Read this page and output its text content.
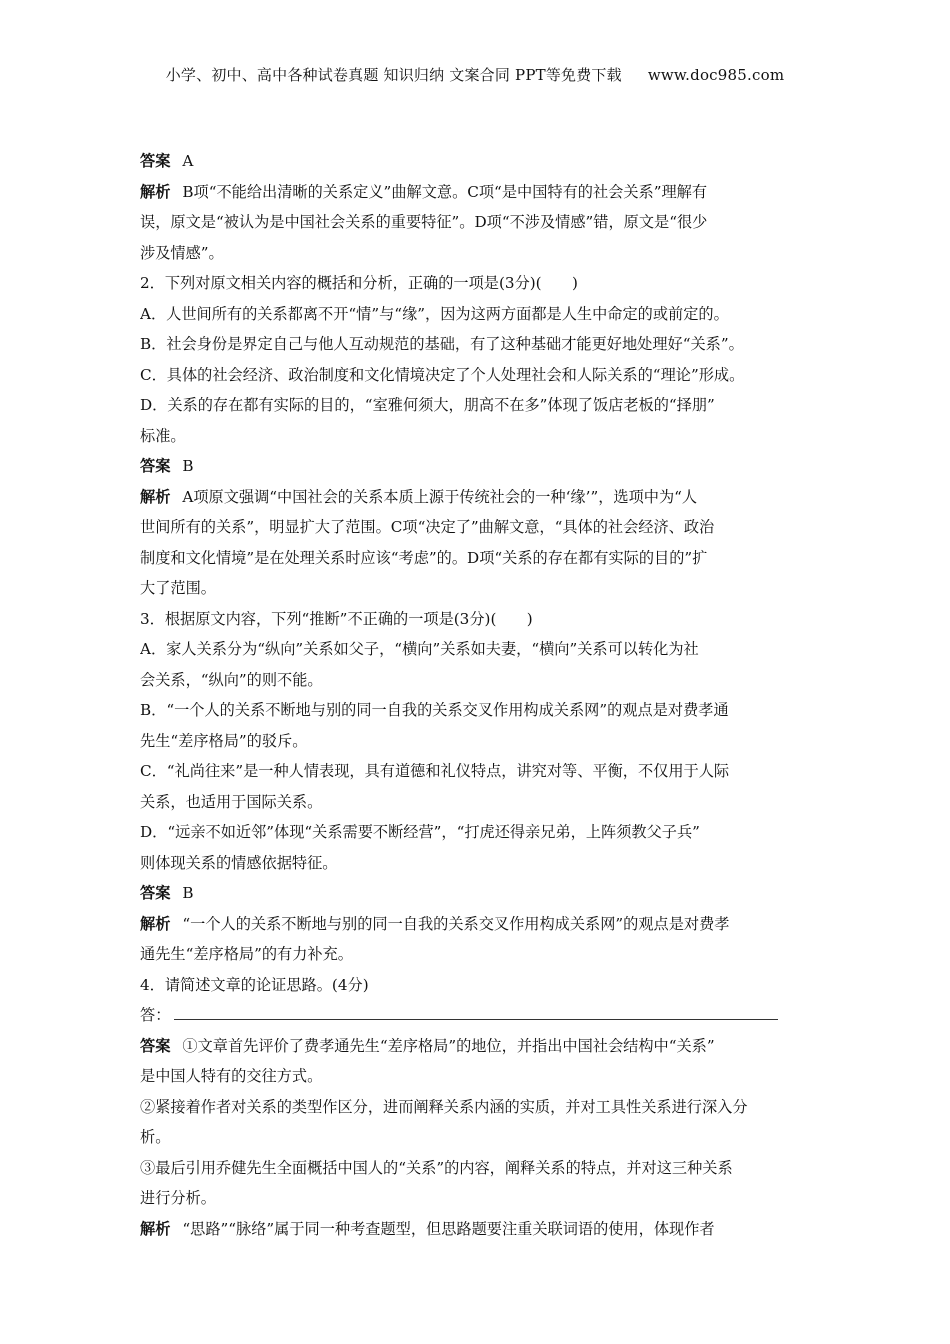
小学、初中、高中各种试卷真题 知识归纳 文案合同 PPT等免费下载 www.doc985.com
答案 A
解析 B项“不能给出清晰的关系定义”曲解文意。C项“是中国特有的社会关系”理解有
误，原文是“被认为是中国社会关系的重要特征”。D项“不涉及情感”错，原文是“很少
涉及情感”。
2．下列对原文相关内容的概括和分析，正确的一项是(3分)(　　)
A．人世间所有的关系都离不开“情”与“缘”，因为这两方面都是人生中命定的或前定的。
B．社会身份是界定自己与他人互动规范的基础，有了这种基础才能更好地处理好“关系”。
C．具体的社会经济、政治制度和文化情境决定了个人处理社会和人际关系的“理论”形成。
D．关系的存在都有实际的目的，“室雅何须大，朋高不在多”体现了饭店老板的“择朋”
标准。
答案 B
解析 A项原文强调“中国社会的关系本质上源于传统社会的一种‘缘’”，选项中为“人
世间所有的关系”，明显扩大了范围。C项“决定了”曲解文意，“具体的社会经济、政治
制度和文化情境”是在处理关系时应该“考虑”的。D项“关系的存在都有实际的目的”扩
大了范围。
3．根据原文内容，下列“推断”不正确的一项是(3分)(　　)
A．家人关系分为“纵向”关系如父子，“横向”关系如夫妻，“横向”关系可以转化为社
会关系，“纵向”的则不能。
B．“一个人的关系不断地与别的同一自我的关系交叉作用构成关系网”的观点是对费孝通
先生“差序格局”的驳斥。
C．“礼尚往来”是一种人情表现，具有道德和礼仪特点，讲究对等、平衡，不仅用于人际
关系，也适用于国际关系。
D．“远亲不如近邻”体现“关系需要不断经营”，“打虎还得亲兄弟，上阵须教父子兵”
则体现关系的情感依据特征。
答案 B
解析 “一个人的关系不断地与别的同一自我的关系交叉作用构成关系网”的观点是对费孝
通先生“差序格局”的有力补充。
4．请简述文章的论证思路。(4分)
答：
答案 ①文章首先评价了费孝通先生“差序格局”的地位，并指出中国社会结构中“关系”
是中国人特有的交往方式。
②紧接着作者对关系的类型作区分，进而阐释关系内涵的实质，并对工具性关系进行深入分
析。
③最后引用乔健先生全面概括中国人的“关系”的内容，阐释关系的特点，并对这三种关系
进行分析。
解析 “思路”“脉络”属于同一种考查题型，但思路题要注重关联词语的使用，体现作者
